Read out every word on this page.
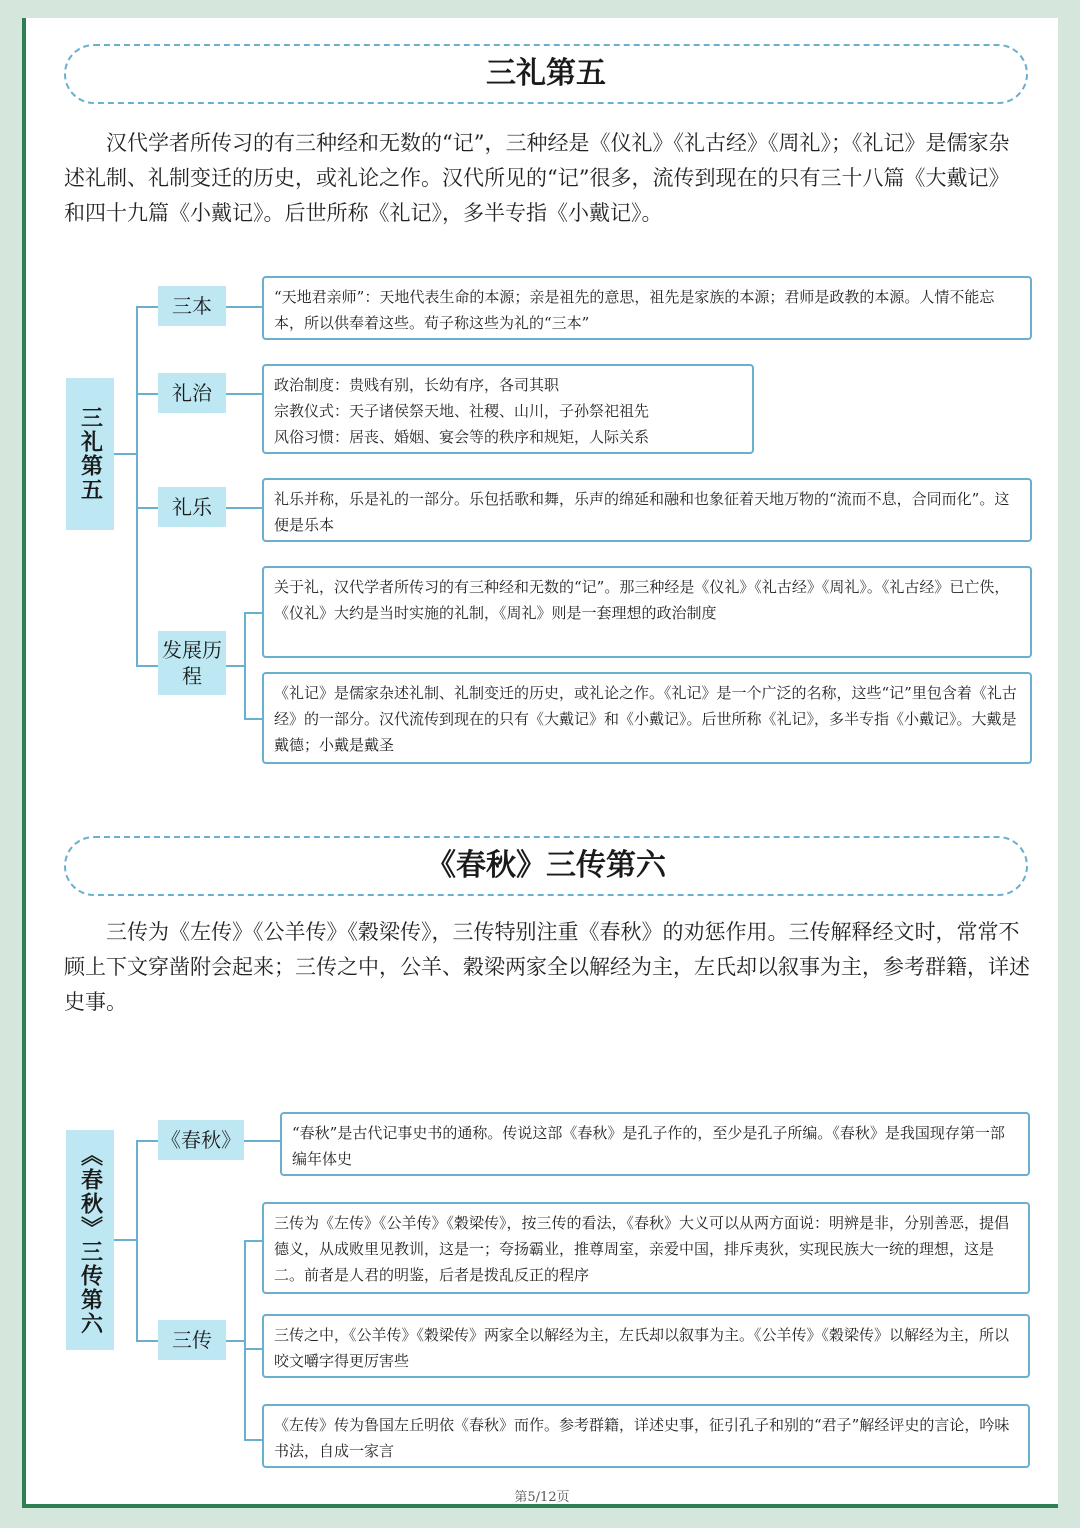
三礼第五

汉代学者所传习的有三种经和无数的“记”，三种经是《仪礼》《礼古经》《周礼》；《礼记》是儒家杂述礼制、礼制变迁的历史，或礼论之作。汉代所见的“记”很多，流传到现在的只有三十八篇《大戴记》和四十九篇《小戴记》。后世所称《礼记》，多半专指《小戴记》。

三礼第五
三本
礼治
礼乐
发展历程
“天地君亲师”：天地代表生命的本源；亲是祖先的意思，祖先是家族的本源；君师是政教的本源。人情不能忘本，所以供奉着这些。荀子称这些为礼的“三本”

政治制度：贵贱有别，长幼有序，各司其职

宗教仪式：天子诸侯祭天地、社稷、山川，子孙祭祀祖先

风俗习惯：居丧、婚姻、宴会等的秩序和规矩，人际关系

礼乐并称，乐是礼的一部分。乐包括歌和舞，乐声的绵延和融和也象征着天地万物的“流而不息，合同而化”。这便是乐本
关于礼，汉代学者所传习的有三种经和无数的“记”。那三种经是《仪礼》《礼古经》《周礼》。《礼古经》已亡佚，《仪礼》大约是当时实施的礼制，《周礼》则是一套理想的政治制度
《礼记》是儒家杂述礼制、礼制变迁的历史，或礼论之作。《礼记》是一个广泛的名称，这些“记”里包含着《礼古经》的一部分。汉代流传到现在的只有《大戴记》和《小戴记》。后世所称《礼记》，多半专指《小戴记》。大戴是戴德；小戴是戴圣
《春秋》三传第六

三传为《左传》《公羊传》《穀梁传》，三传特别注重《春秋》的劝惩作用。三传解释经文时，常常不顾上下文穿凿附会起来；三传之中，公羊、穀梁两家全以解经为主，左氏却以叙事为主，参考群籍，详述史事。

《春秋》三传第六
《春秋》
三传
“春秋”是古代记事史书的通称。传说这部《春秋》是孔子作的，至少是孔子所编。《春秋》是我国现存第一部编年体史
三传为《左传》《公羊传》《穀梁传》，按三传的看法，《春秋》大义可以从两方面说：明辨是非，分别善恶，提倡德义，从成败里见教训，这是一；夸扬霸业，推尊周室，亲爱中国，排斥夷狄，实现民族大一统的理想，这是二。前者是人君的明鉴，后者是拨乱反正的程序
三传之中，《公羊传》《穀梁传》两家全以解经为主，左氏却以叙事为主。《公羊传》《穀梁传》以解经为主，所以咬文嚼字得更厉害些
《左传》传为鲁国左丘明依《春秋》而作。参考群籍，详述史事，征引孔子和别的“君子”解经评史的言论，吟味书法，自成一家言
第5/12页
